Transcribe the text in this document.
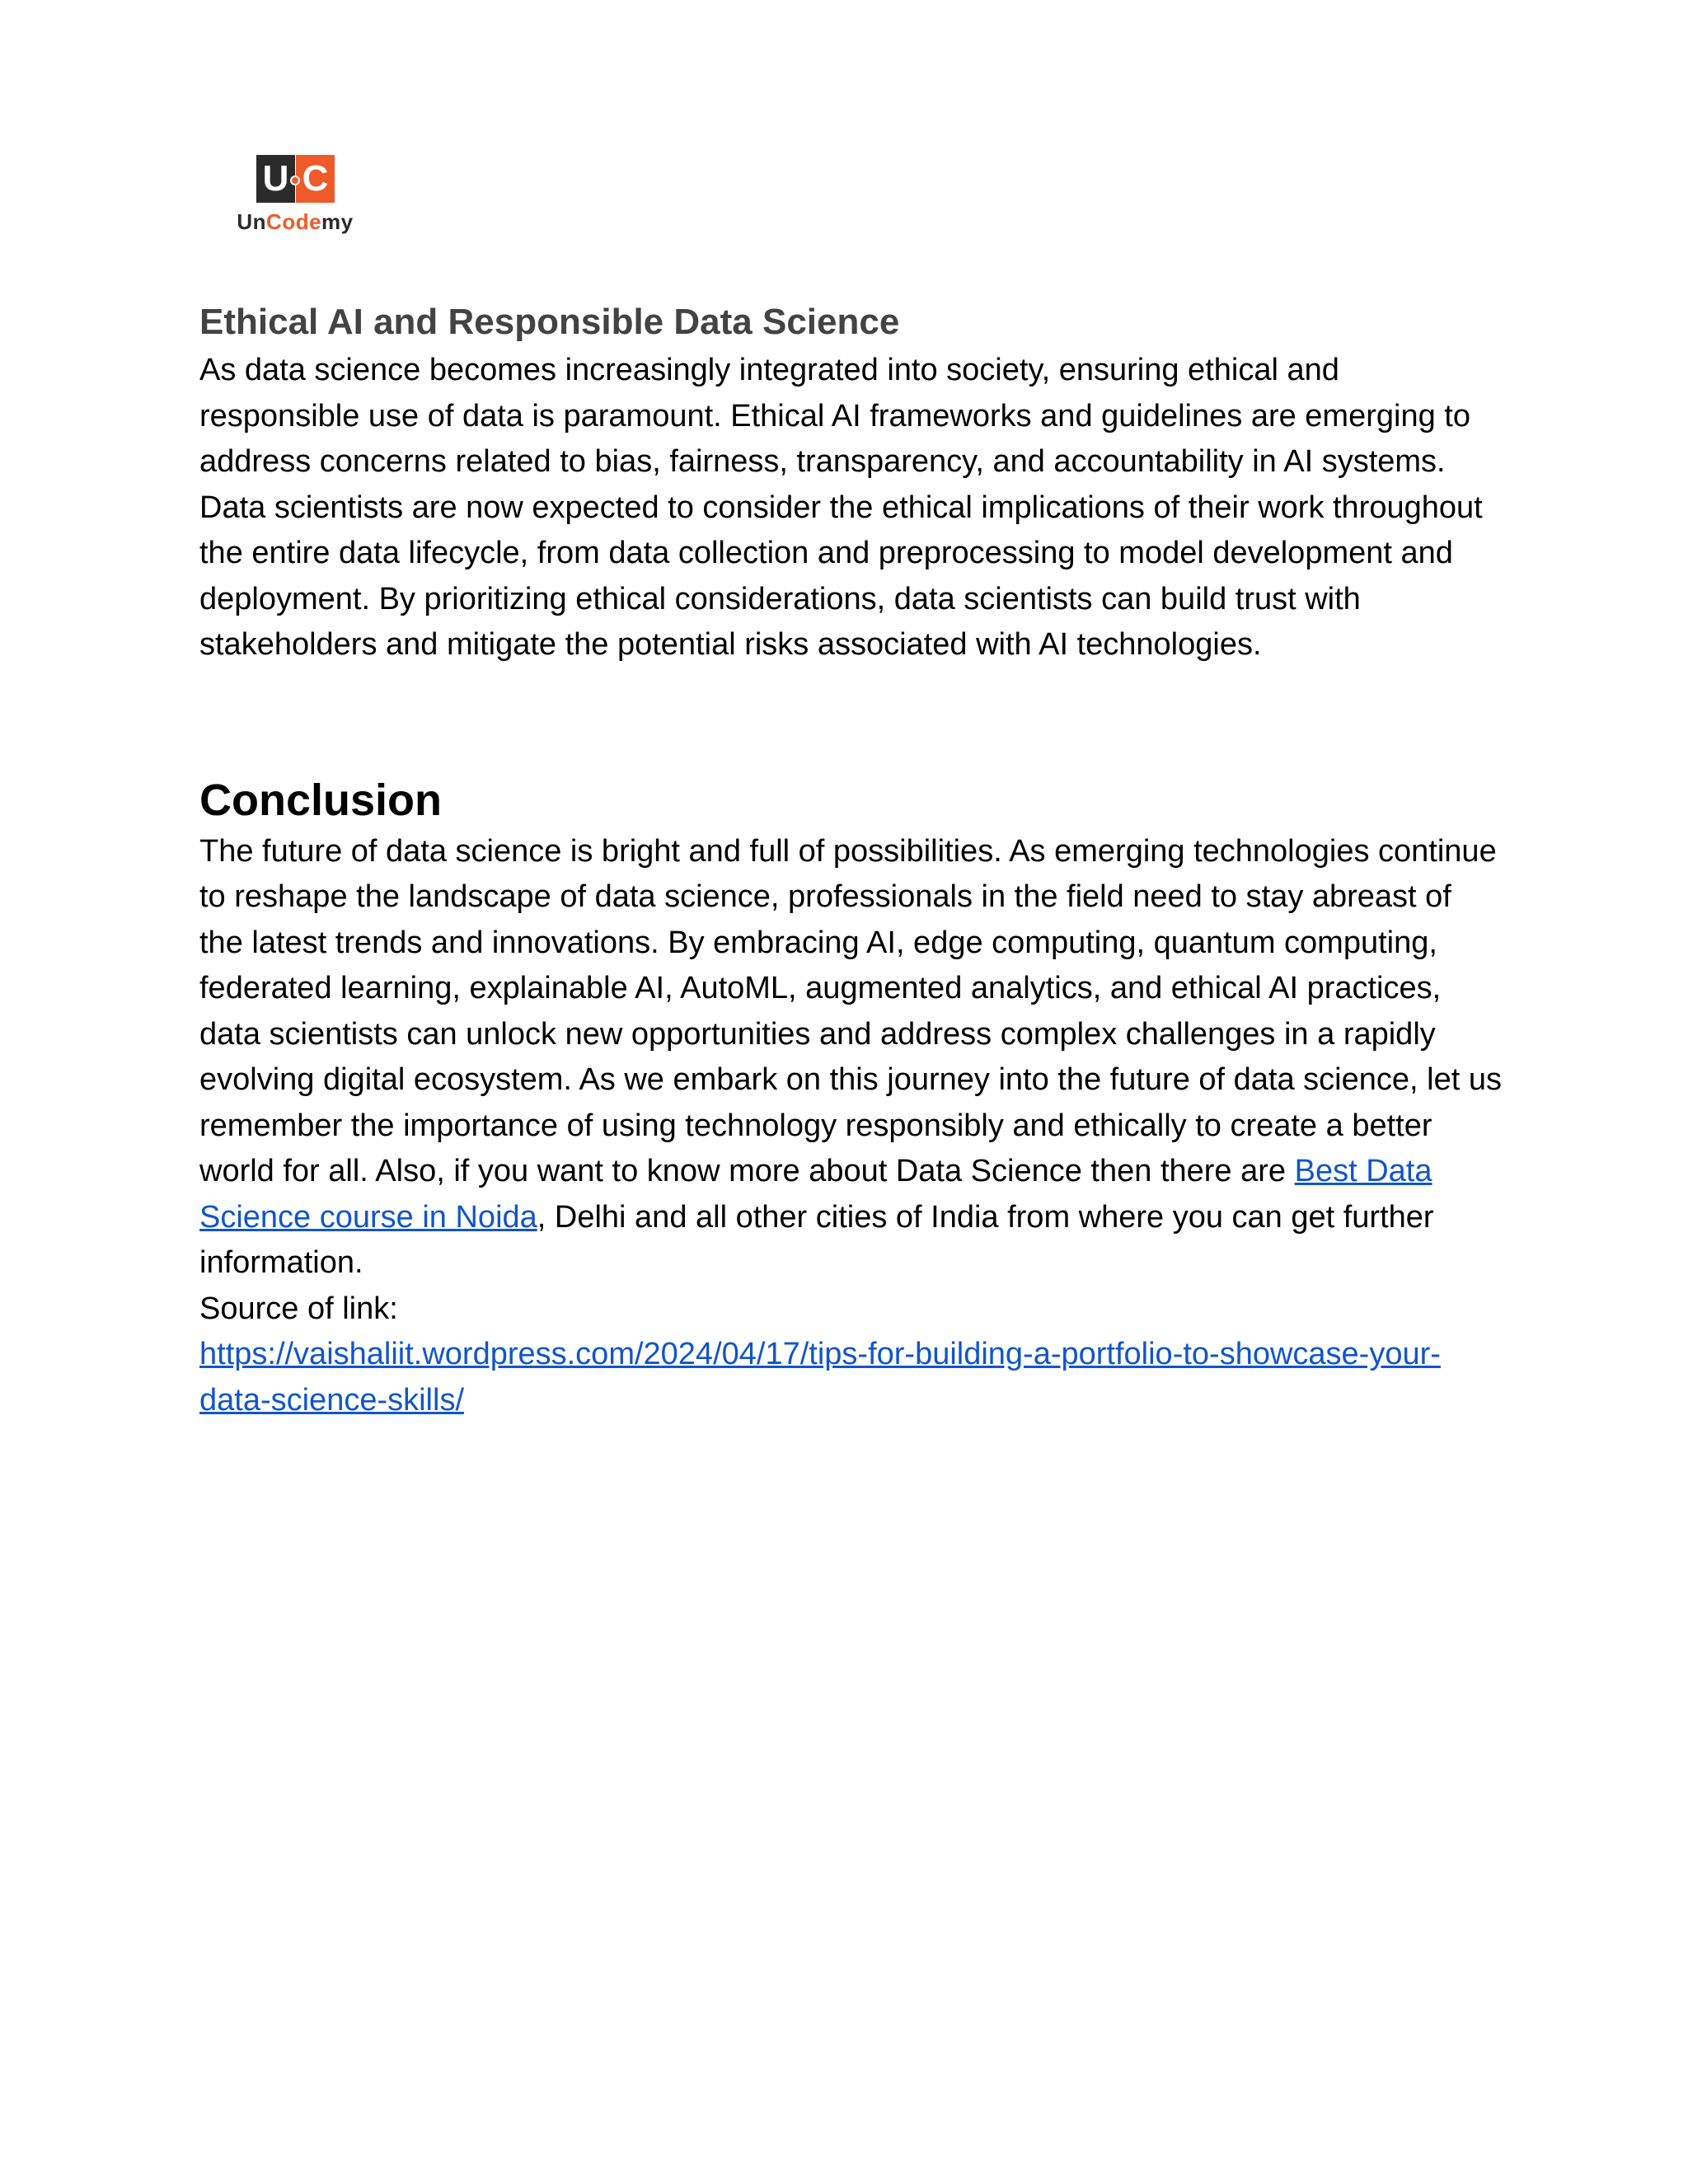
U C
UnCodemy
Ethical AI and Responsible Data Science

As data science becomes increasingly integrated into society, ensuring ethical and responsible use of data is paramount. Ethical AI frameworks and guidelines are emerging to address concerns related to bias, fairness, transparency, and accountability in AI systems. Data scientists are now expected to consider the ethical implications of their work throughout the entire data lifecycle, from data collection and preprocessing to model development and deployment. By prioritizing ethical considerations, data scientists can build trust with stakeholders and mitigate the potential risks associated with AI technologies.

Conclusion

The future of data science is bright and full of possibilities. As emerging technologies continue to reshape the landscape of data science, professionals in the field need to stay abreast of the latest trends and innovations. By embracing AI, edge computing, quantum computing, federated learning, explainable AI, AutoML, augmented analytics, and ethical AI practices, data scientists can unlock new opportunities and address complex challenges in a rapidly evolving digital ecosystem. As we embark on this journey into the future of data science, let us remember the importance of using technology responsibly and ethically to create a better world for all. Also, if you want to know more about Data Science then there are Best Data Science course in Noida, Delhi and all other cities of India from where you can get further information.

Source of link:

https://vaishaliit.wordpress.com/2024/04/17/tips-for-building-a-portfolio-to-showcase-your-data-science-skills/
